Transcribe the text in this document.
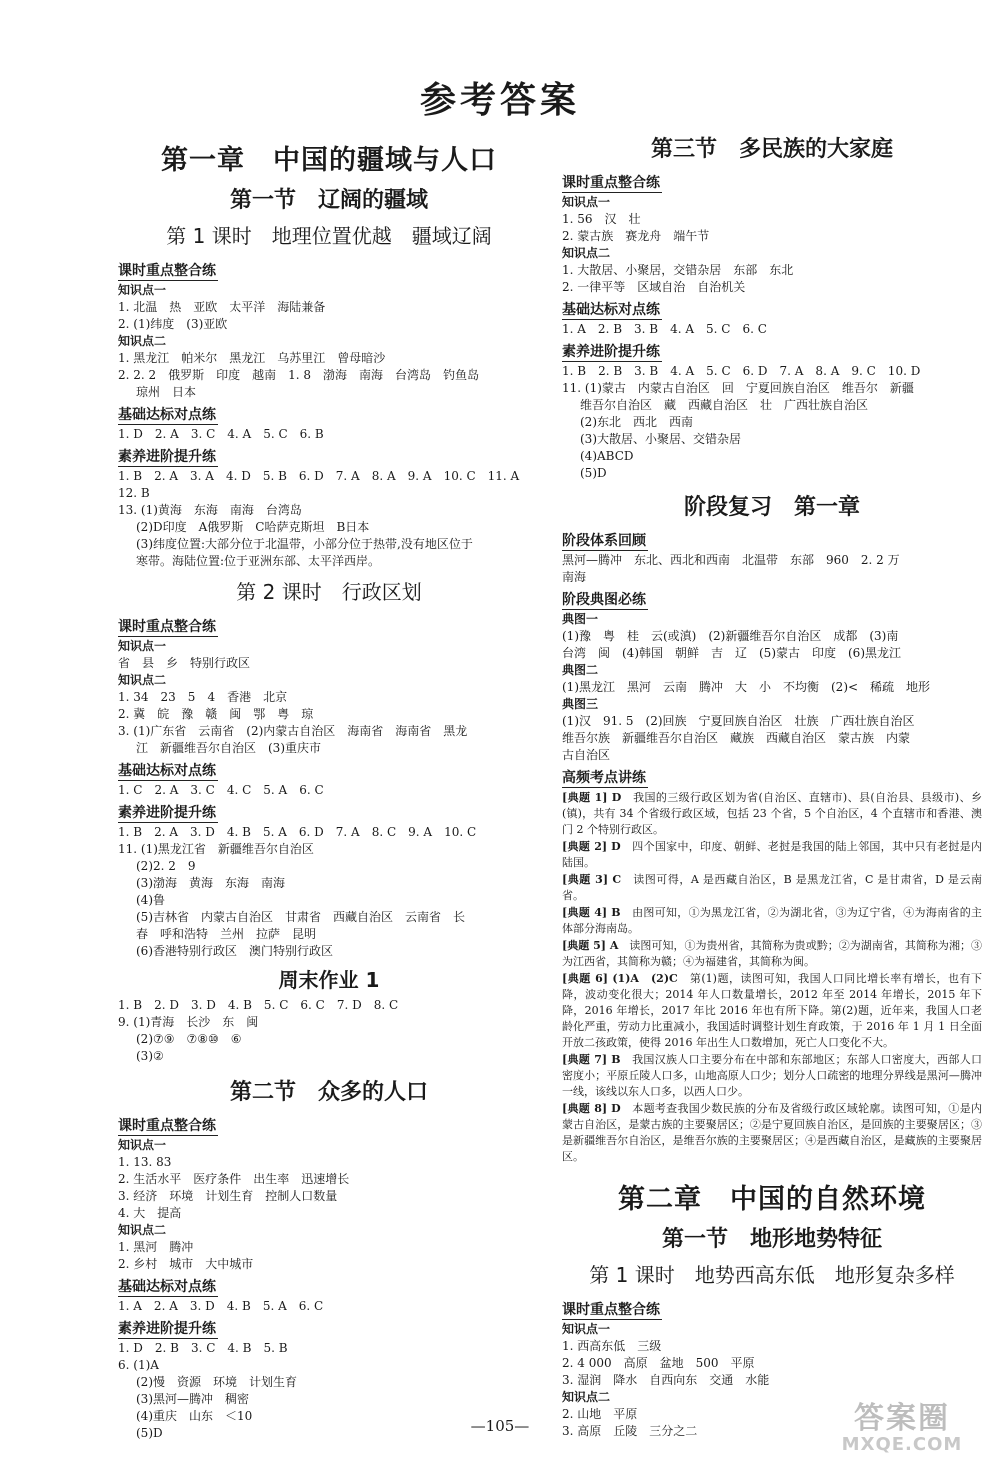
参考答案
第一章　中国的疆域与人口
第一节　辽阔的疆域
第 1 课时　地理位置优越　疆域辽阔
课时重点整合练
知识点一
1. 北温　热　亚欧　太平洋　海陆兼备
2. (1)纬度　(3)亚欧
知识点二
1. 黑龙江　帕米尔　黑龙江　乌苏里江　曾母暗沙
2. 2. 2　俄罗斯　印度　越南　1. 8　渤海　南海　台湾岛　钓鱼岛
琼州　日本
基础达标对点练
1. D　2. A　3. C　4. A　5. C　6. B
素养进阶提升练
1. B　2. A　3. A　4. D　5. B　6. D　7. A　8. A　9. A　10. C　11. A
12. B
13. (1)黄海　东海　南海　台湾岛
(2)D印度　A俄罗斯　C哈萨克斯坦　B日本
(3)纬度位置:大部分位于北温带，小部分位于热带,没有地区位于
寒带。海陆位置:位于亚洲东部、太平洋西岸。
第 2 课时　行政区划
课时重点整合练
知识点一
省　县　乡　特别行政区
知识点二
1. 34　23　5　4　香港　北京
2. 冀　皖　豫　赣　闽　鄂　粤　琼
3. (1)广东省　云南省　(2)内蒙古自治区　海南省　海南省　黑龙
江　新疆维吾尔自治区　(3)重庆市
基础达标对点练
1. C　2. A　3. C　4. C　5. A　6. C
素养进阶提升练
1. B　2. A　3. D　4. B　5. A　6. D　7. A　8. C　9. A　10. C
11. (1)黑龙江省　新疆维吾尔自治区
(2)2. 2　9
(3)渤海　黄海　东海　南海
(4)鲁
(5)吉林省　内蒙古自治区　甘肃省　西藏自治区　云南省　长
春　呼和浩特　兰州　拉萨　昆明
(6)香港特别行政区　澳门特别行政区
周末作业 1
1. B　2. D　3. D　4. B　5. C　6. C　7. D　8. C
9. (1)青海　长沙　东　闽
(2)⑦⑨　⑦⑧⑩　⑥
(3)②
第二节　众多的人口
课时重点整合练
知识点一
1. 13. 83
2. 生活水平　医疗条件　出生率　迅速增长
3. 经济　环境　计划生育　控制人口数量
4. 大　提高
知识点二
1. 黑河　腾冲
2. 乡村　城市　大中城市
基础达标对点练
1. A　2. A　3. D　4. B　5. A　6. C
素养进阶提升练
1. D　2. B　3. C　4. B　5. B
6. (1)A
(2)慢　资源　环境　计划生育
(3)黑河—腾冲　稠密
(4)重庆　山东　＜10
(5)D
第三节　多民族的大家庭
课时重点整合练
知识点一
1. 56　汉　壮
2. 蒙古族　赛龙舟　端午节
知识点二
1. 大散居、小聚居，交错杂居　东部　东北
2. 一律平等　区域自治　自治机关
基础达标对点练
1. A　2. B　3. B　4. A　5. C　6. C
素养进阶提升练
1. B　2. B　3. B　4. A　5. C　6. D　7. A　8. A　9. C　10. D
11. (1)蒙古　内蒙古自治区　回　宁夏回族自治区　维吾尔　新疆
维吾尔自治区　藏　西藏自治区　壮　广西壮族自治区
(2)东北　西北　西南
(3)大散居、小聚居、交错杂居
(4)ABCD
(5)D
阶段复习　第一章
阶段体系回顾
黑河—腾冲　东北、西北和西南　北温带　东部　960　2. 2 万
南海
阶段典图必练
典图一
(1)豫　粤　桂　云(或滇)　(2)新疆维吾尔自治区　成都　(3)南
台湾　闽　(4)韩国　朝鲜　吉　辽　(5)蒙古　印度　(6)黑龙江
典图二
(1)黑龙江　黑河　云南　腾冲　大　小　不均衡　(2)<　稀疏　地形
典图三
(1)汉　91. 5　(2)回族　宁夏回族自治区　壮族　广西壮族自治区
维吾尔族　新疆维吾尔自治区　藏族　西藏自治区　蒙古族　内蒙
古自治区
高频考点讲练
[典题 1] D　我国的三级行政区划为省(自治区、直辖市)、县(自治县、县级市)、乡(镇)，共有 34 个省级行政区域，包括 23 个省，5 个自治区，4 个直辖市和香港、澳门 2 个特别行政区。
[典题 2] D　四个国家中，印度、朝鲜、老挝是我国的陆上邻国，其中只有老挝是内陆国。
[典题 3] C　读图可得，A 是西藏自治区，B 是黑龙江省，C 是甘肃省，D 是云南省。
[典题 4] B　由图可知，①为黑龙江省，②为湖北省，③为辽宁省，④为海南省的主体部分海南岛。
[典题 5] A　读图可知，①为贵州省，其简称为贵或黔；②为湖南省，其简称为湘；③为江西省，其简称为赣；④为福建省，其简称为闽。
[典题 6] (1)A　(2)C　第(1)题，读图可知，我国人口同比增长率有增长，也有下降，波动变化很大；2014 年人口数量增长，2012 年至 2014 年增长，2015 年下降，2016 年增长，2017 年比 2016 年也有所下降。第(2)题，近年来，我国人口老龄化严重，劳动力比重减小，我国适时调整计划生育政策，于 2016 年 1 月 1 日全面开放二孩政策，使得 2016 年出生人口数增加，死亡人口变化不大。
[典题 7] B　我国汉族人口主要分布在中部和东部地区；东部人口密度大，西部人口密度小；平原丘陵人口多，山地高原人口少；划分人口疏密的地理分界线是黑河—腾冲一线，该线以东人口多，以西人口少。
[典题 8] D　本题考查我国少数民族的分布及省级行政区域轮廓。读图可知，①是内蒙古自治区，是蒙古族的主要聚居区；②是宁夏回族自治区，是回族的主要聚居区；③是新疆维吾尔自治区，是维吾尔族的主要聚居区；④是西藏自治区，是藏族的主要聚居区。
第二章　中国的自然环境
第一节　地形地势特征
第 1 课时　地势西高东低　地形复杂多样
课时重点整合练
知识点一
1. 西高东低　三级
2. 4 000　高原　盆地　500　平原
3. 湿润　降水　自西向东　交通　水能
知识点二
2. 山地　平原
3. 高原　丘陵　三分之二
—105—	答案圈
MXQE.COM
